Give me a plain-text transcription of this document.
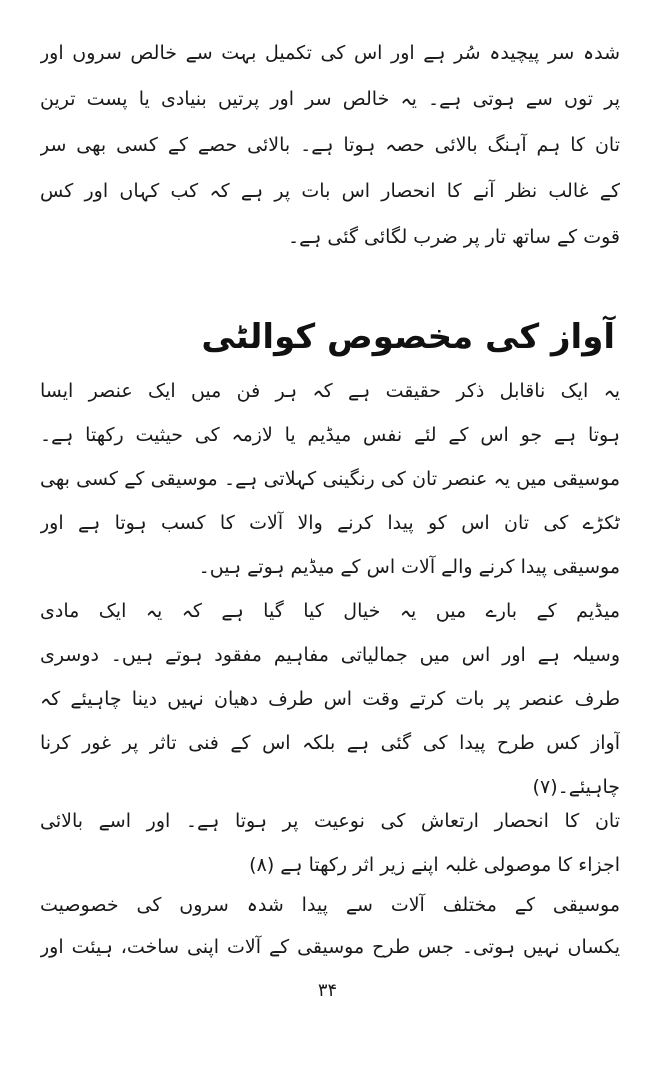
شدہ سر پیچیدہ سُر ہے اور اس کی تکمیل بہت سے خالص سروں اور
پر توں سے ہوتی ہے۔ یہ خالص سر اور پرتیں بنیادی یا پست ترین
تان کا ہم آہنگ بالائی حصہ ہوتا ہے۔ بالائی حصے کے کسی بھی سر
کے غالب نظر آنے کا انحصار اس بات پر ہے کہ کب کہاں اور کس
قوت کے ساتھ تار پر ضرب لگائی گئی ہے۔
آواز کی مخصوص کوالٹی
یہ ایک ناقابل ذکر حقیقت ہے کہ ہر فن میں ایک عنصر ایسا
ہوتا ہے جو اس کے لئے نفس میڈیم یا لازمہ کی حیثیت رکھتا ہے۔
موسیقی میں یہ عنصر تان کی رنگینی کہلاتی ہے۔ موسیقی کے کسی بھی
ٹکڑے کی تان اس کو پیدا کرنے والا آلات کا کسب ہوتا ہے اور
موسیقی پیدا کرنے والے آلات اس کے میڈیم ہوتے ہیں۔
میڈیم کے بارے میں یہ خیال کیا گیا ہے کہ یہ ایک مادی
وسیلہ ہے اور اس میں جمالیاتی مفاہیم مفقود ہوتے ہیں۔ دوسری
طرف عنصر پر بات کرتے وقت اس طرف دھیان نہیں دینا چاہیئے کہ
آواز کس طرح پیدا کی گئی ہے بلکہ اس کے فنی تاثر پر غور کرنا
چاہیئے۔(۷)
تان کا انحصار ارتعاش کی نوعیت پر ہوتا ہے۔ اور اسے بالائی
اجزاء کا موصولی غلبہ اپنے زیر اثر رکھتا ہے (۸)
موسیقی کے مختلف آلات سے پیدا شدہ سروں کی خصوصیت
یکساں نہیں ہوتی۔ جس طرح موسیقی کے آلات اپنی ساخت، ہیئت اور
۳۴
